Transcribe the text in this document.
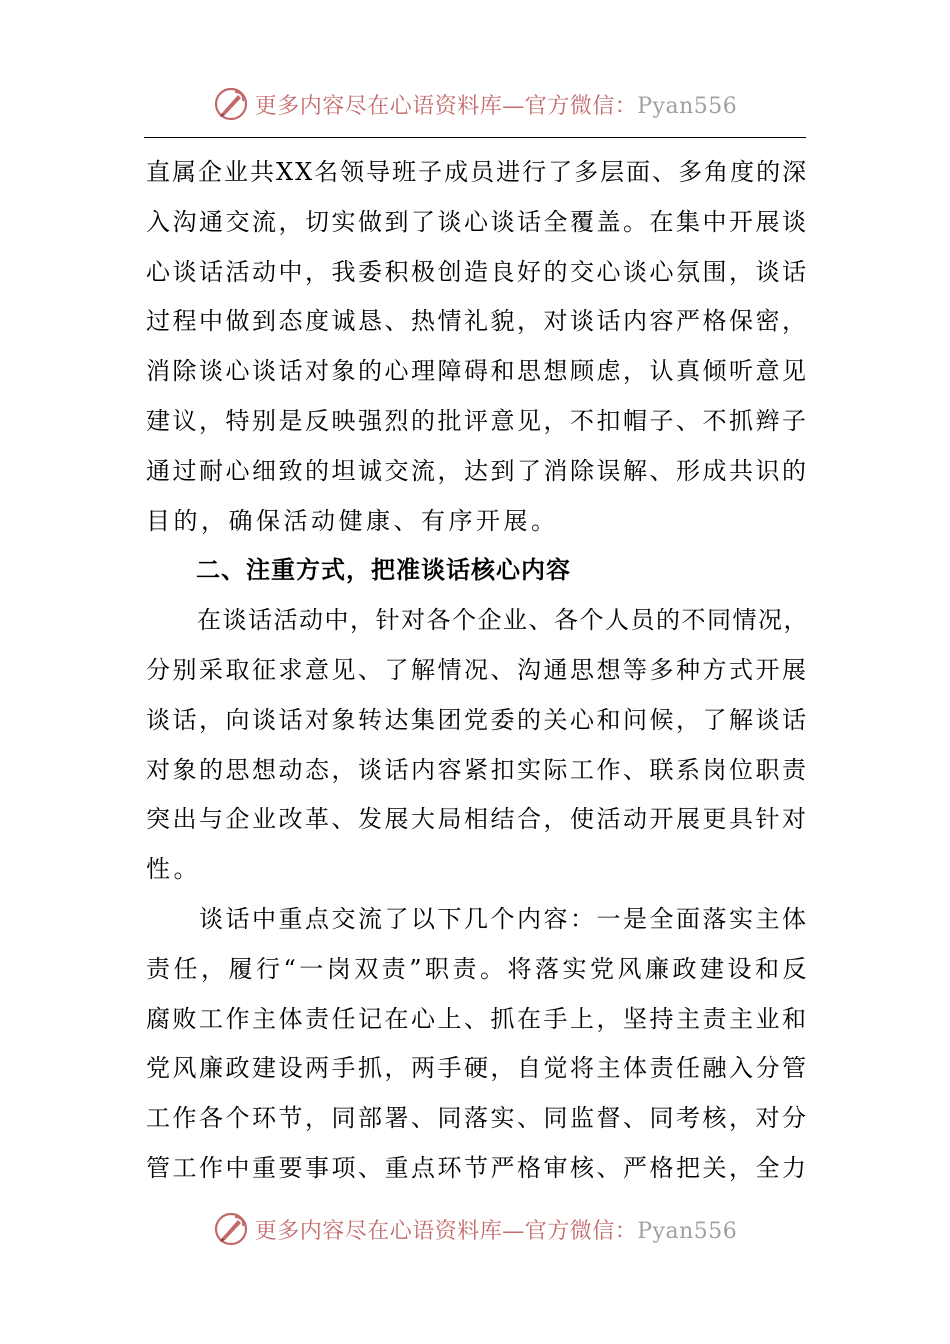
更多内容尽在心语资料库—官方微信：Pyan556
直属企业共XX名领导班子成员进行了多层面、多角度的深
入沟通交流，切实做到了谈心谈话全覆盖。在集中开展谈
心谈话活动中，我委积极创造良好的交心谈心氛围，谈话
过程中做到态度诚恳、热情礼貌，对谈话内容严格保密，
消除谈心谈话对象的心理障碍和思想顾虑，认真倾听意见
建议，特别是反映强烈的批评意见，不扣帽子、不抓辫子
通过耐心细致的坦诚交流，达到了消除误解、形成共识的
目的，确保活动健康、有序开展。
　　二、注重方式，把准谈话核心内容
　　在谈话活动中，针对各个企业、各个人员的不同情况，
分别采取征求意见、了解情况、沟通思想等多种方式开展
谈话，向谈话对象转达集团党委的关心和问候，了解谈话
对象的思想动态，谈话内容紧扣实际工作、联系岗位职责
突出与企业改革、发展大局相结合，使活动开展更具针对
性。
　　谈话中重点交流了以下几个内容：一是全面落实主体
责任，履行“一岗双责”职责。将落实党风廉政建设和反
腐败工作主体责任记在心上、抓在手上，坚持主责主业和
党风廉政建设两手抓，两手硬，自觉将主体责任融入分管
工作各个环节，同部署、同落实、同监督、同考核，对分
管工作中重要事项、重点环节严格审核、严格把关，全力
更多内容尽在心语资料库—官方微信：Pyan556
